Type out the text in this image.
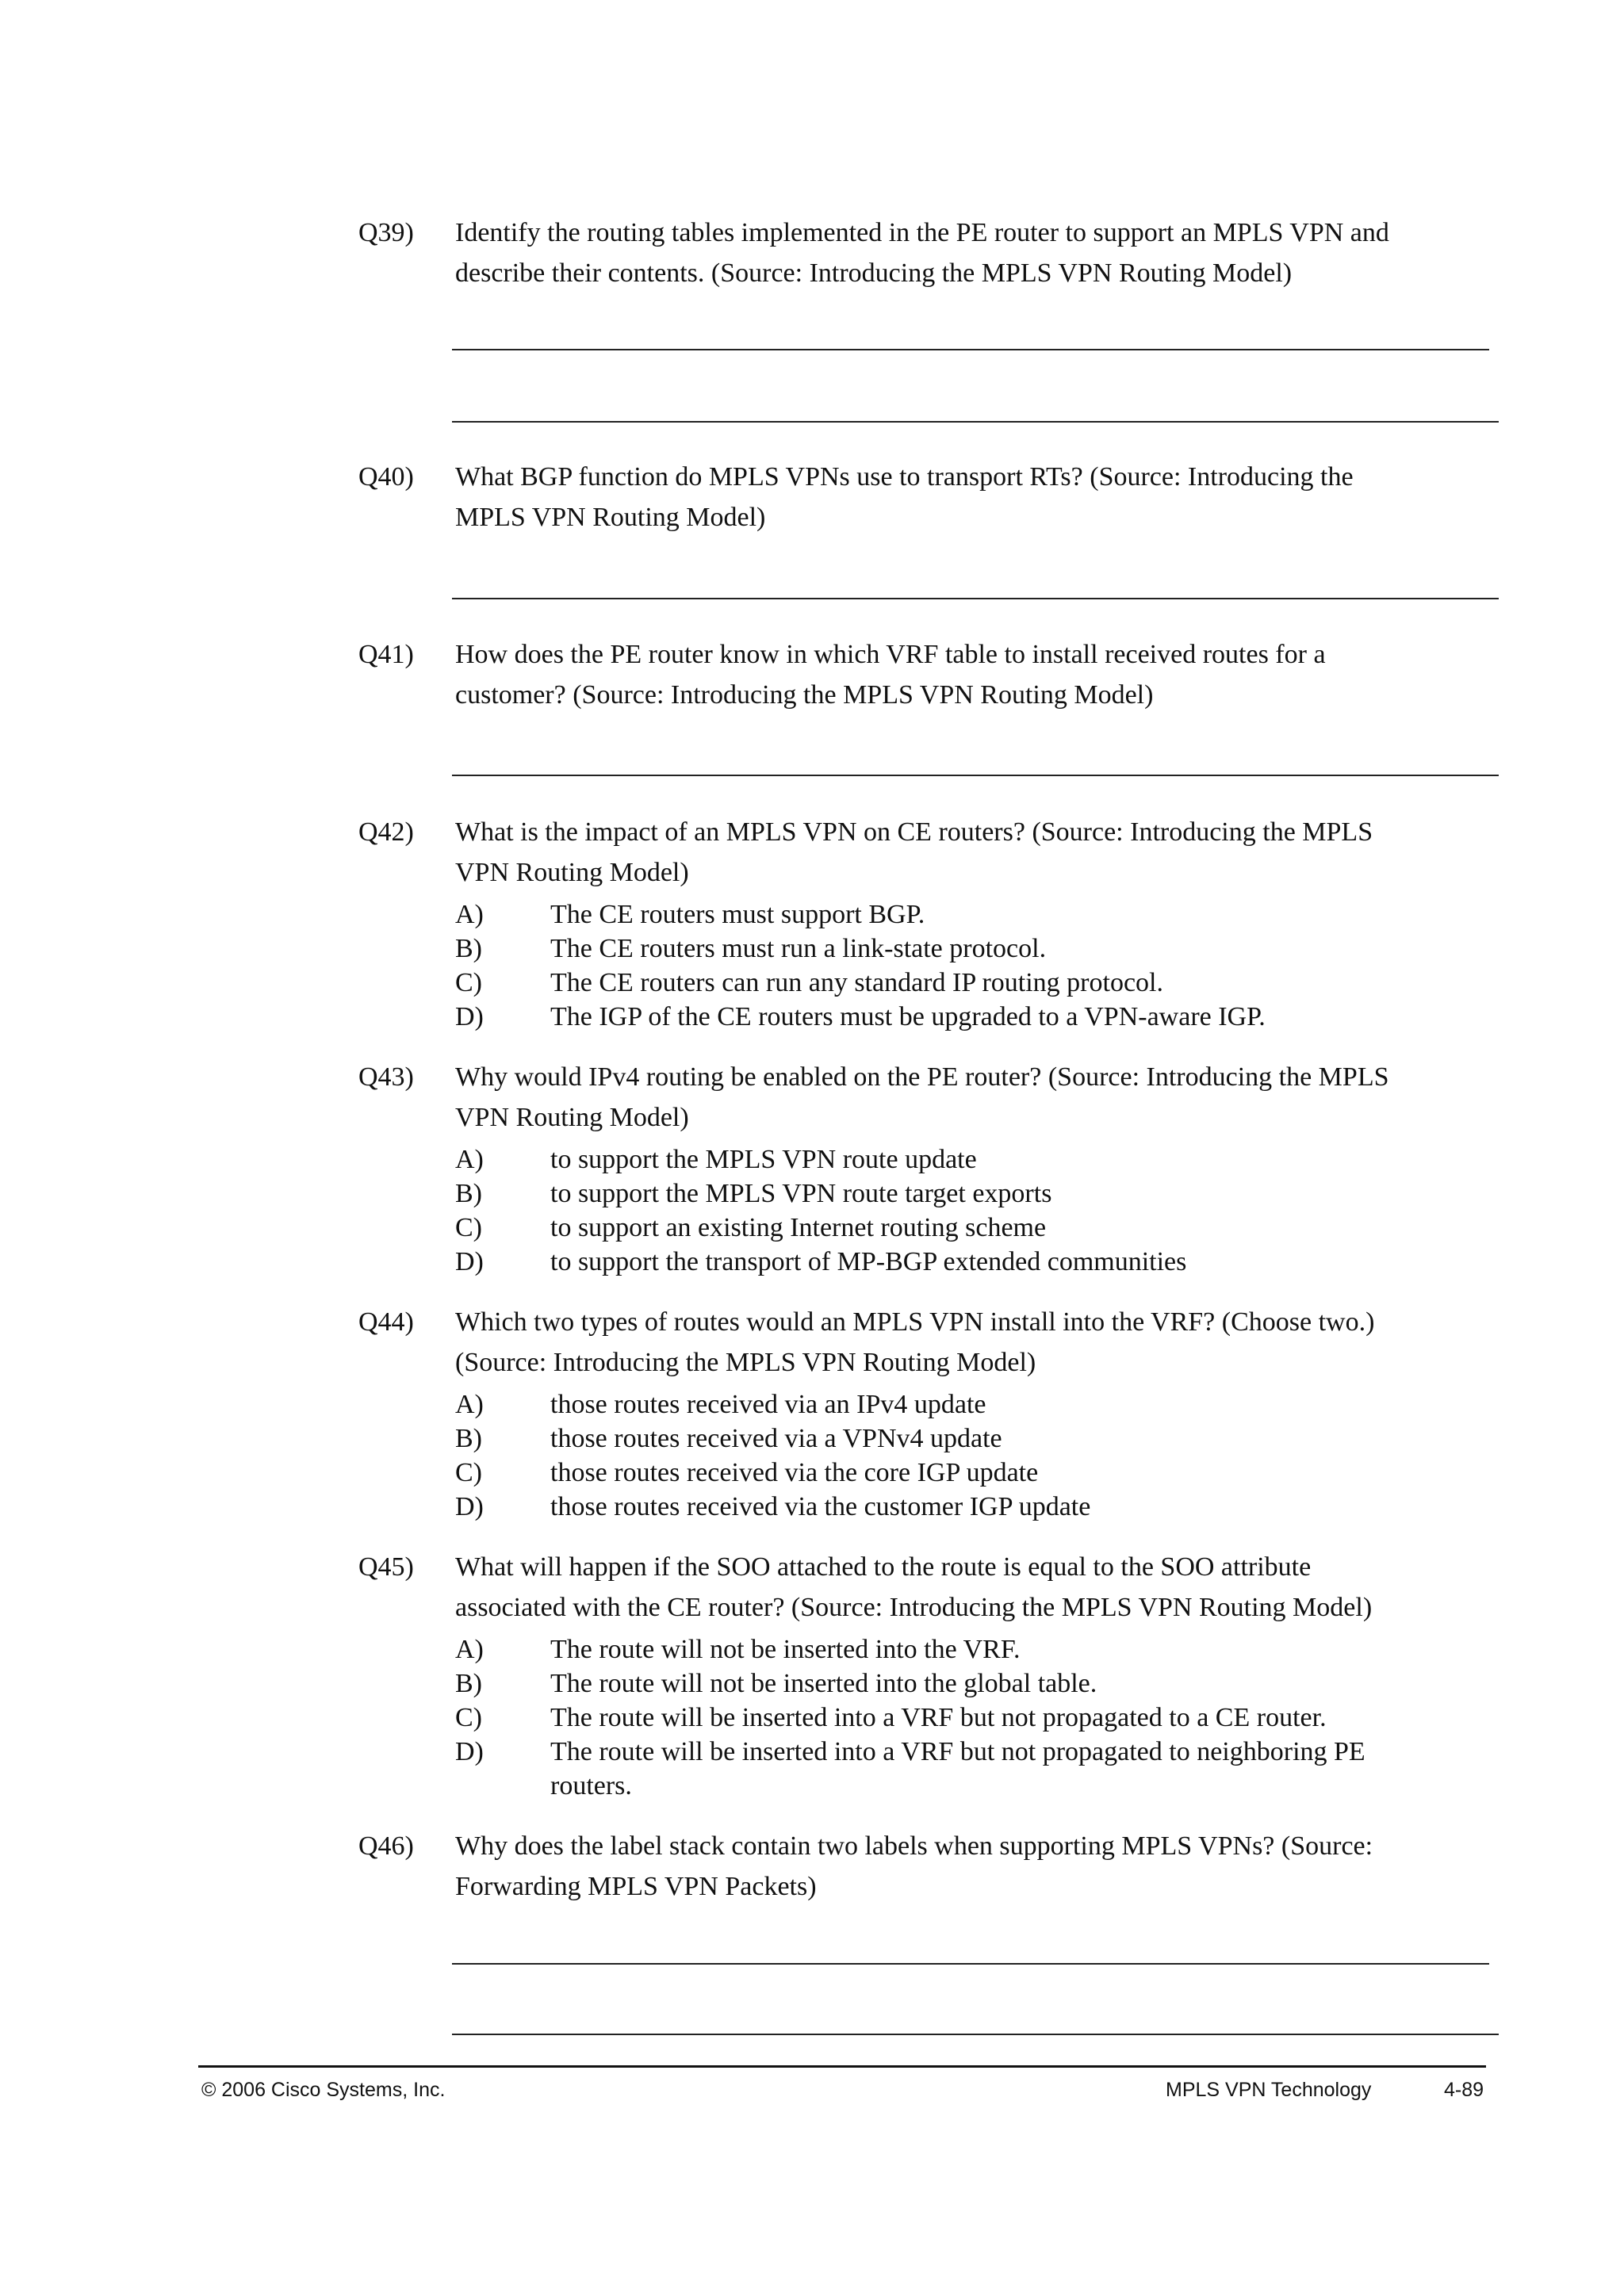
Q39)	Identify the routing tables implemented in the PE router to support an MPLS VPN and
describe their contents. (Source: Introducing the MPLS VPN Routing Model)
Q40)	What BGP function do MPLS VPNs use to transport RTs? (Source: Introducing the
MPLS VPN Routing Model)
Q41)	How does the PE router know in which VRF table to install received routes for a
customer? (Source: Introducing the MPLS VPN Routing Model)
Q42)	What is the impact of an MPLS VPN on CE routers? (Source: Introducing the MPLS
VPN Routing Model)
A) The CE routers must support BGP.
B)	The CE routers must run a link-state protocol.
C)	The CE routers can run any standard IP routing protocol.
D) The IGP of the CE routers must be upgraded to a VPN-aware IGP.
Q43)	Why would IPv4 routing be enabled on the PE router? (Source: Introducing the MPLS
VPN Routing Model)
A) to support the MPLS VPN route update
B)	to support the MPLS VPN route target exports
C)	to support an existing Internet routing scheme
D) to support the transport of MP-BGP extended communities
Q44)	Which two types of routes would an MPLS VPN install into the VRF? (Choose two.)
(Source: Introducing the MPLS VPN Routing Model)
A) those routes received via an IPv4 update
B)	those routes received via a VPNv4 update
C)	those routes received via the core IGP update
D) those routes received via the customer IGP update
Q45)	What will happen if the SOO attached to the route is equal to the SOO attribute
associated with the CE router? (Source: Introducing the MPLS VPN Routing Model)
A) The route will not be inserted into the VRF.
B)	The route will not be inserted into the global table.
C)	The route will be inserted into a VRF but not propagated to a CE router.
D) The route will be inserted into a VRF but not propagated to neighboring PE
routers.
Q46)	Why does the label stack contain two labels when supporting MPLS VPNs? (Source:
Forwarding MPLS VPN Packets)
© 2006 Cisco Systems, Inc.	MPLS VPN Technology	4-89
